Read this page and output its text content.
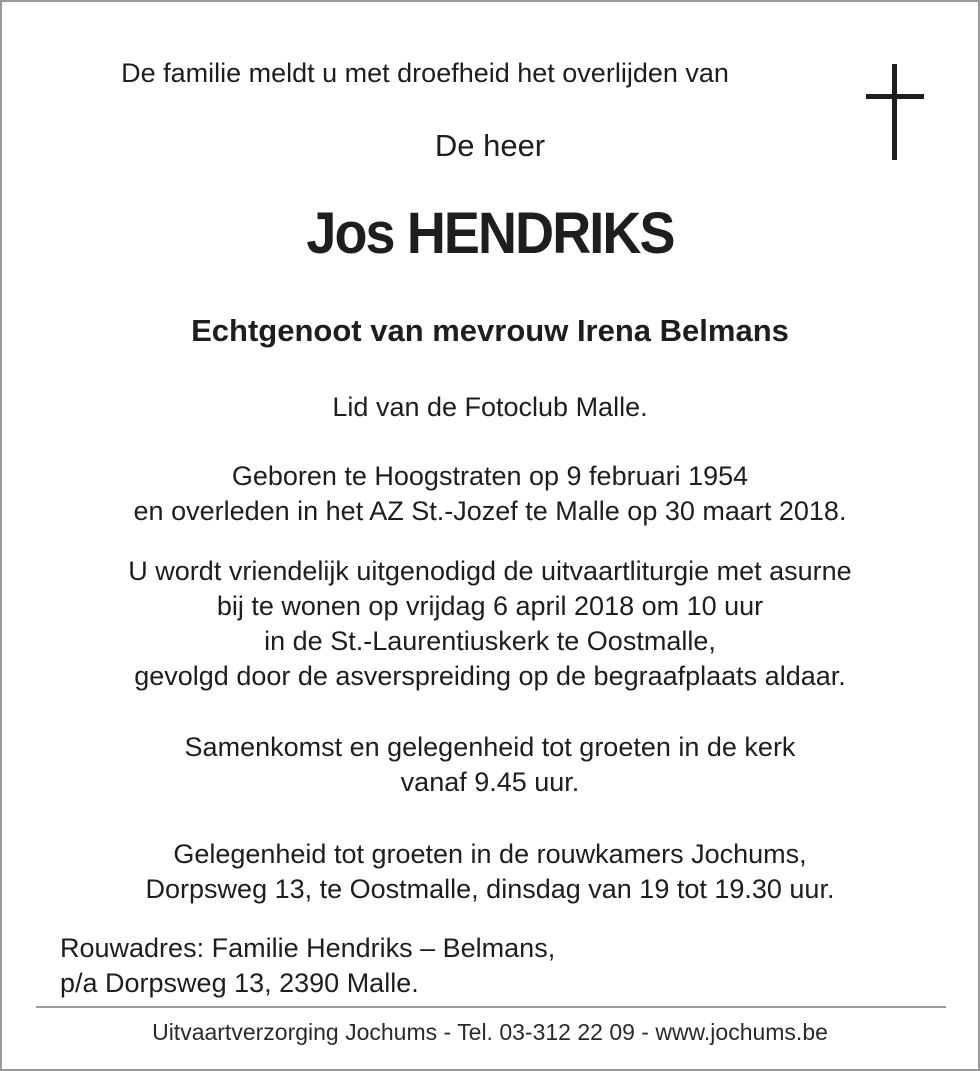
De familie meldt u met droefheid het overlijden van
De heer
Jos HENDRIKS
Echtgenoot van mevrouw Irena Belmans
Lid van de Fotoclub Malle.
Geboren te Hoogstraten op 9 februari 1954
en overleden in het AZ St.-Jozef te Malle op 30 maart 2018.
U wordt vriendelijk uitgenodigd de uitvaartliturgie met asurne
bij te wonen op vrijdag 6 april 2018 om 10 uur
in de St.-Laurentiuskerk te Oostmalle,
gevolgd door de asverspreiding op de begraafplaats aldaar.
Samenkomst en gelegenheid tot groeten in de kerk
vanaf 9.45 uur.
Gelegenheid tot groeten in de rouwkamers Jochums,
Dorpsweg 13, te Oostmalle, dinsdag van 19 tot 19.30 uur.
Rouwadres: Familie Hendriks – Belmans,
p/a Dorpsweg 13, 2390 Malle.
Uitvaartverzorging Jochums - Tel. 03-312 22 09 - www.jochums.be
